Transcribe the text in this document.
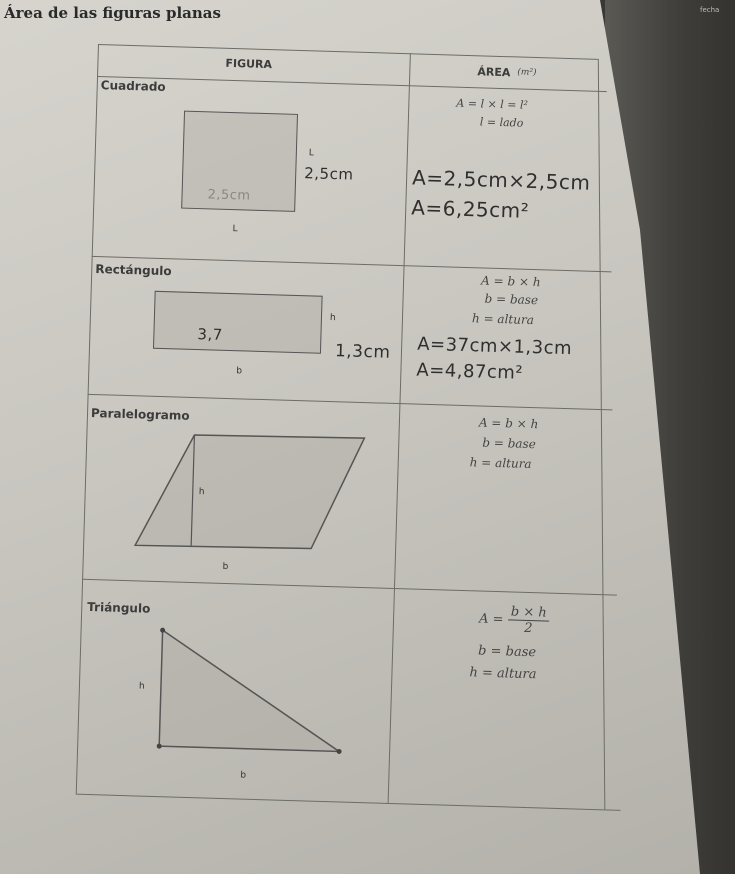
Área de las figuras planas	fecha
FIGURA
ÁREA (m²)
Cuadrado
2,5cm
L
2,5cm
L
A = l × l = l²
l = lado
A=2,5cm×2,5cm
A=6,25cm²
Rectángulo
3,7
h
1,3cm
b
A = b × h
b = base
h = altura
A=37cm×1,3cm
A=4,87cm²
Paralelogramo
h
b
A = b × h
b = base
h = altura
Triángulo
h
b
$A = \frac{b \times h}{2}$
b = base
h = altura
